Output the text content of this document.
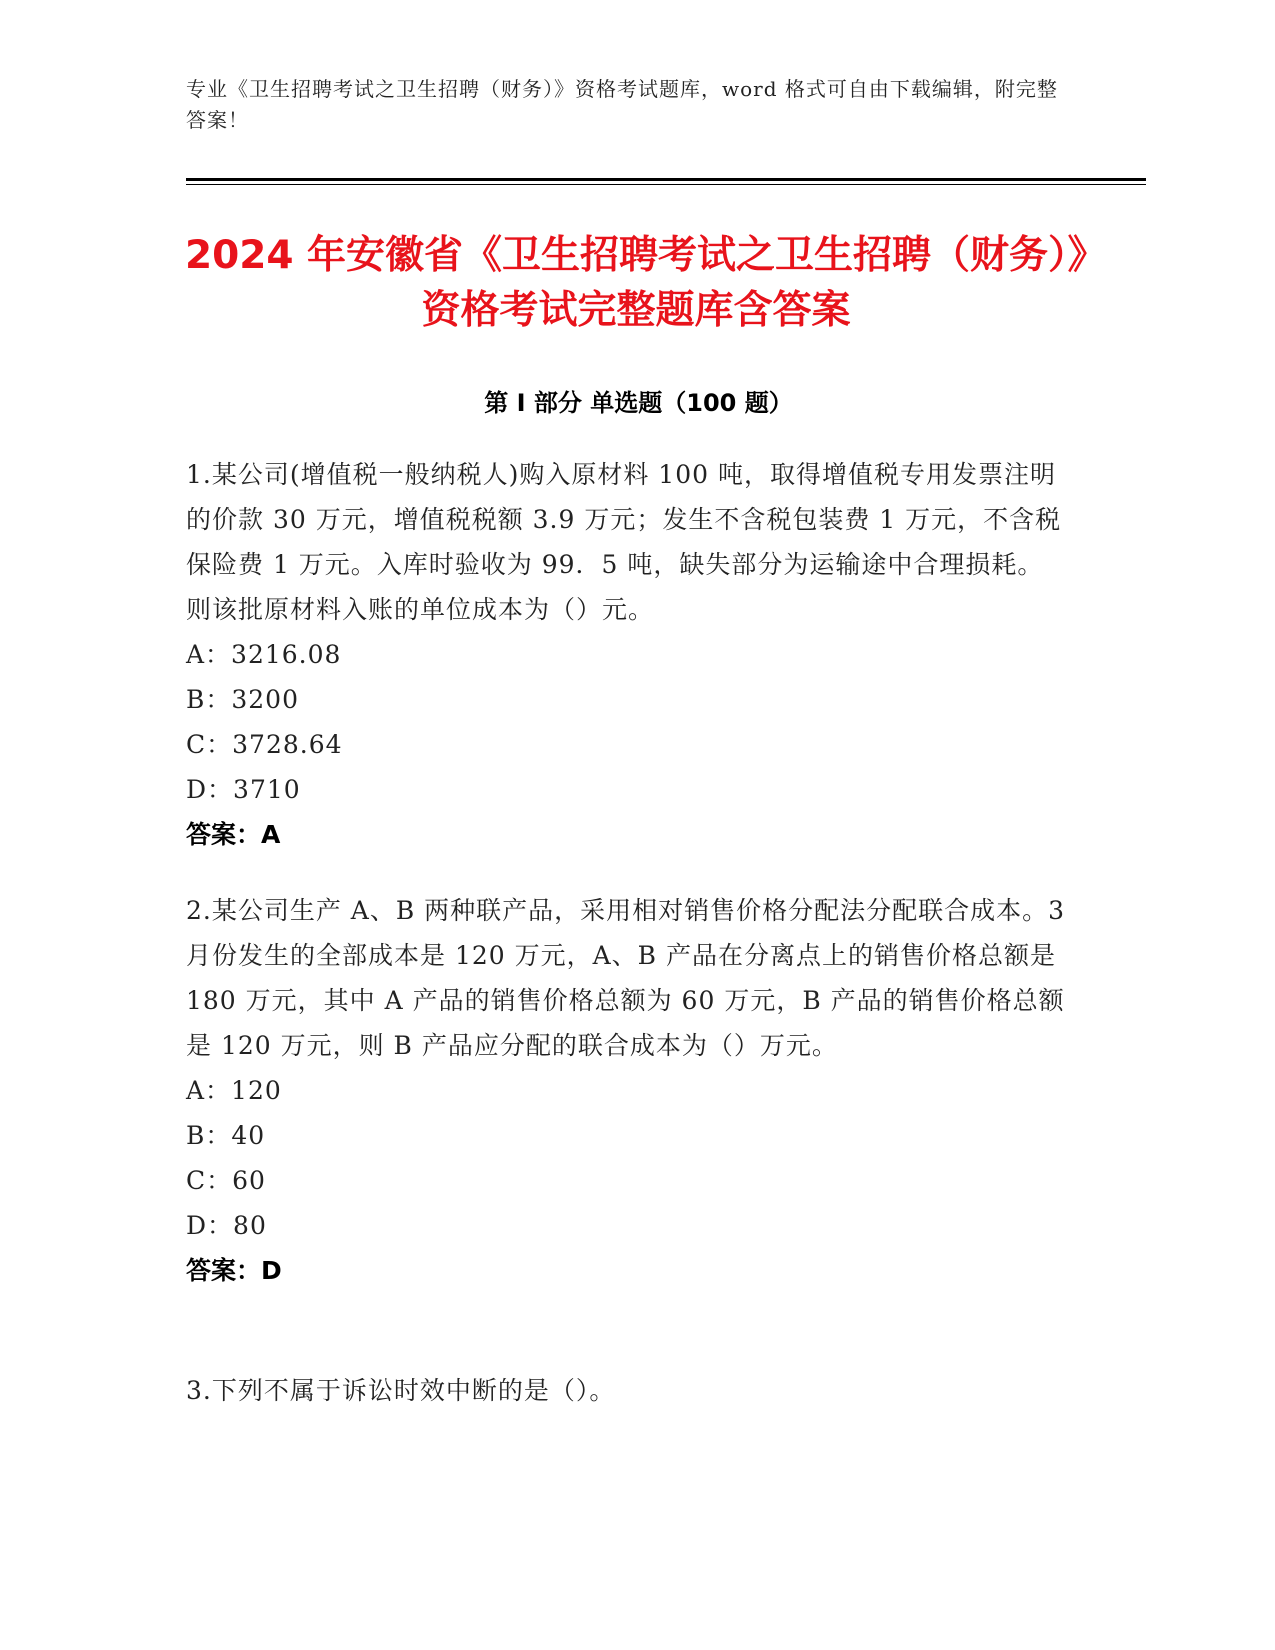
专业《卫生招聘考试之卫生招聘（财务）》资格考试题库，word 格式可自由下载编辑，附完整答案！
2024 年安徽省《卫生招聘考试之卫生招聘（财务）》资格考试完整题库含答案
第 I 部分 单选题（100 题）
1.某公司(增值税一般纳税人)购入原材料 100 吨，取得增值税专用发票注明的价款 30 万元，增值税税额 3.9 万元；发生不含税包装费 1 万元，不含税保险费 1 万元。入库时验收为 99．5 吨，缺失部分为运输途中合理损耗。则该批原材料入账的单位成本为（）元。
A：3216.08
B：3200
C：3728.64
D：3710
答案：A
2.某公司生产 A、B 两种联产品，采用相对销售价格分配法分配联合成本。3 月份发生的全部成本是 120 万元，A、B 产品在分离点上的销售价格总额是 180 万元，其中 A 产品的销售价格总额为 60 万元，B 产品的销售价格总额是 120 万元，则 B 产品应分配的联合成本为（）万元。
A：120
B：40
C：60
D：80
答案：D
3.下列不属于诉讼时效中断的是（）。
